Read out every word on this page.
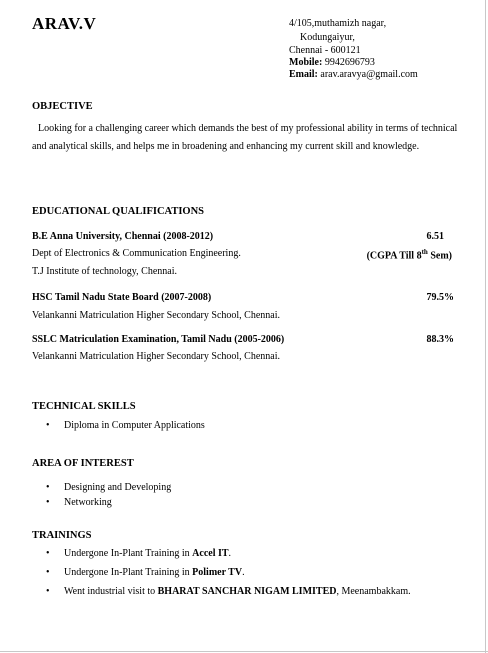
ARAV.V	4/105,muthamizh nagar,
Kodungaiyur,
Chennai - 600121
Mobile: 9942696793
Email: arav.aravya@gmail.com
OBJECTIVE
Looking for a challenging career which demands the best of my professional ability in terms of technical and analytical skills, and helps me in broadening and enhancing my current skill and knowledge.
EDUCATIONAL QUALIFICATIONS
B.E Anna University, Chennai (2008-2012)	6.51
Dept of Electronics & Communication Engineering.	(CGPA Till 8th Sem)
T.J Institute of technology, Chennai.
HSC Tamil Nadu State Board (2007-2008)	79.5%
Velankanni Matriculation Higher Secondary School, Chennai.
SSLC Matriculation Examination, Tamil Nadu (2005-2006)	88.3%
Velankanni Matriculation Higher Secondary School, Chennai.
TECHNICAL SKILLS
• Diploma in Computer Applications
AREA OF INTEREST
• Designing and Developing
• Networking
TRAININGS
• Undergone In-Plant Training in Accel IT.
• Undergone In-Plant Training in Polimer TV.
• Went industrial visit to BHARAT SANCHAR NIGAM LIMITED, Meenambakkam.
